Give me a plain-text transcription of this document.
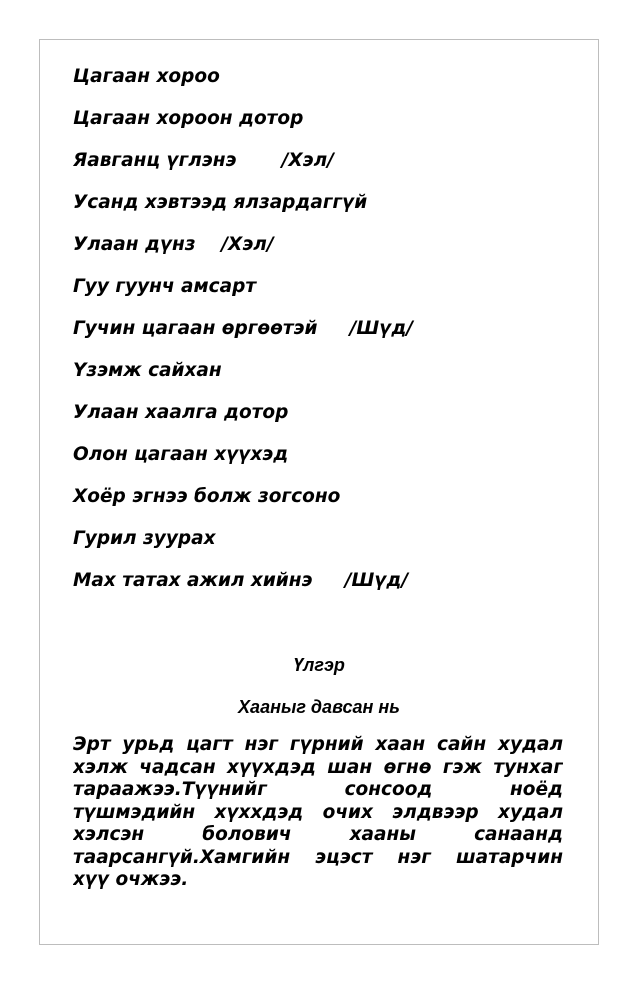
Цагаан хороо

Цагаан хороон дотор

Яавганц үглэнэ       /Хэл/

Усанд хэвтээд ялзардаггүй

Улаан дүнз    /Хэл/

Гуу гуунч амсарт

Гучин цагаан өргөөтэй     /Шүд/

Үзэмж сайхан

Улаан хаалга дотор

Олон цагаан хүүхэд

Хоёр эгнээ болж зогсоно

Гурил зуурах

Мах татах ажил хийнэ     /Шүд/

Үлгэр
Хааныг давсан нь
Эрт урьд цагт нэг гүрний хаан сайн худал
хэлж чадсан хүүхдэд шан өгнө гэж тунхаг
тараажээ.Түүнийг сонсоод ноёд
түшмэдийн хүххдэд очих элдвээр худал
хэлсэн болович хааны санаанд
таарсангүй.Хамгийн эцэст нэг шатарчин
хүү очжээ.
